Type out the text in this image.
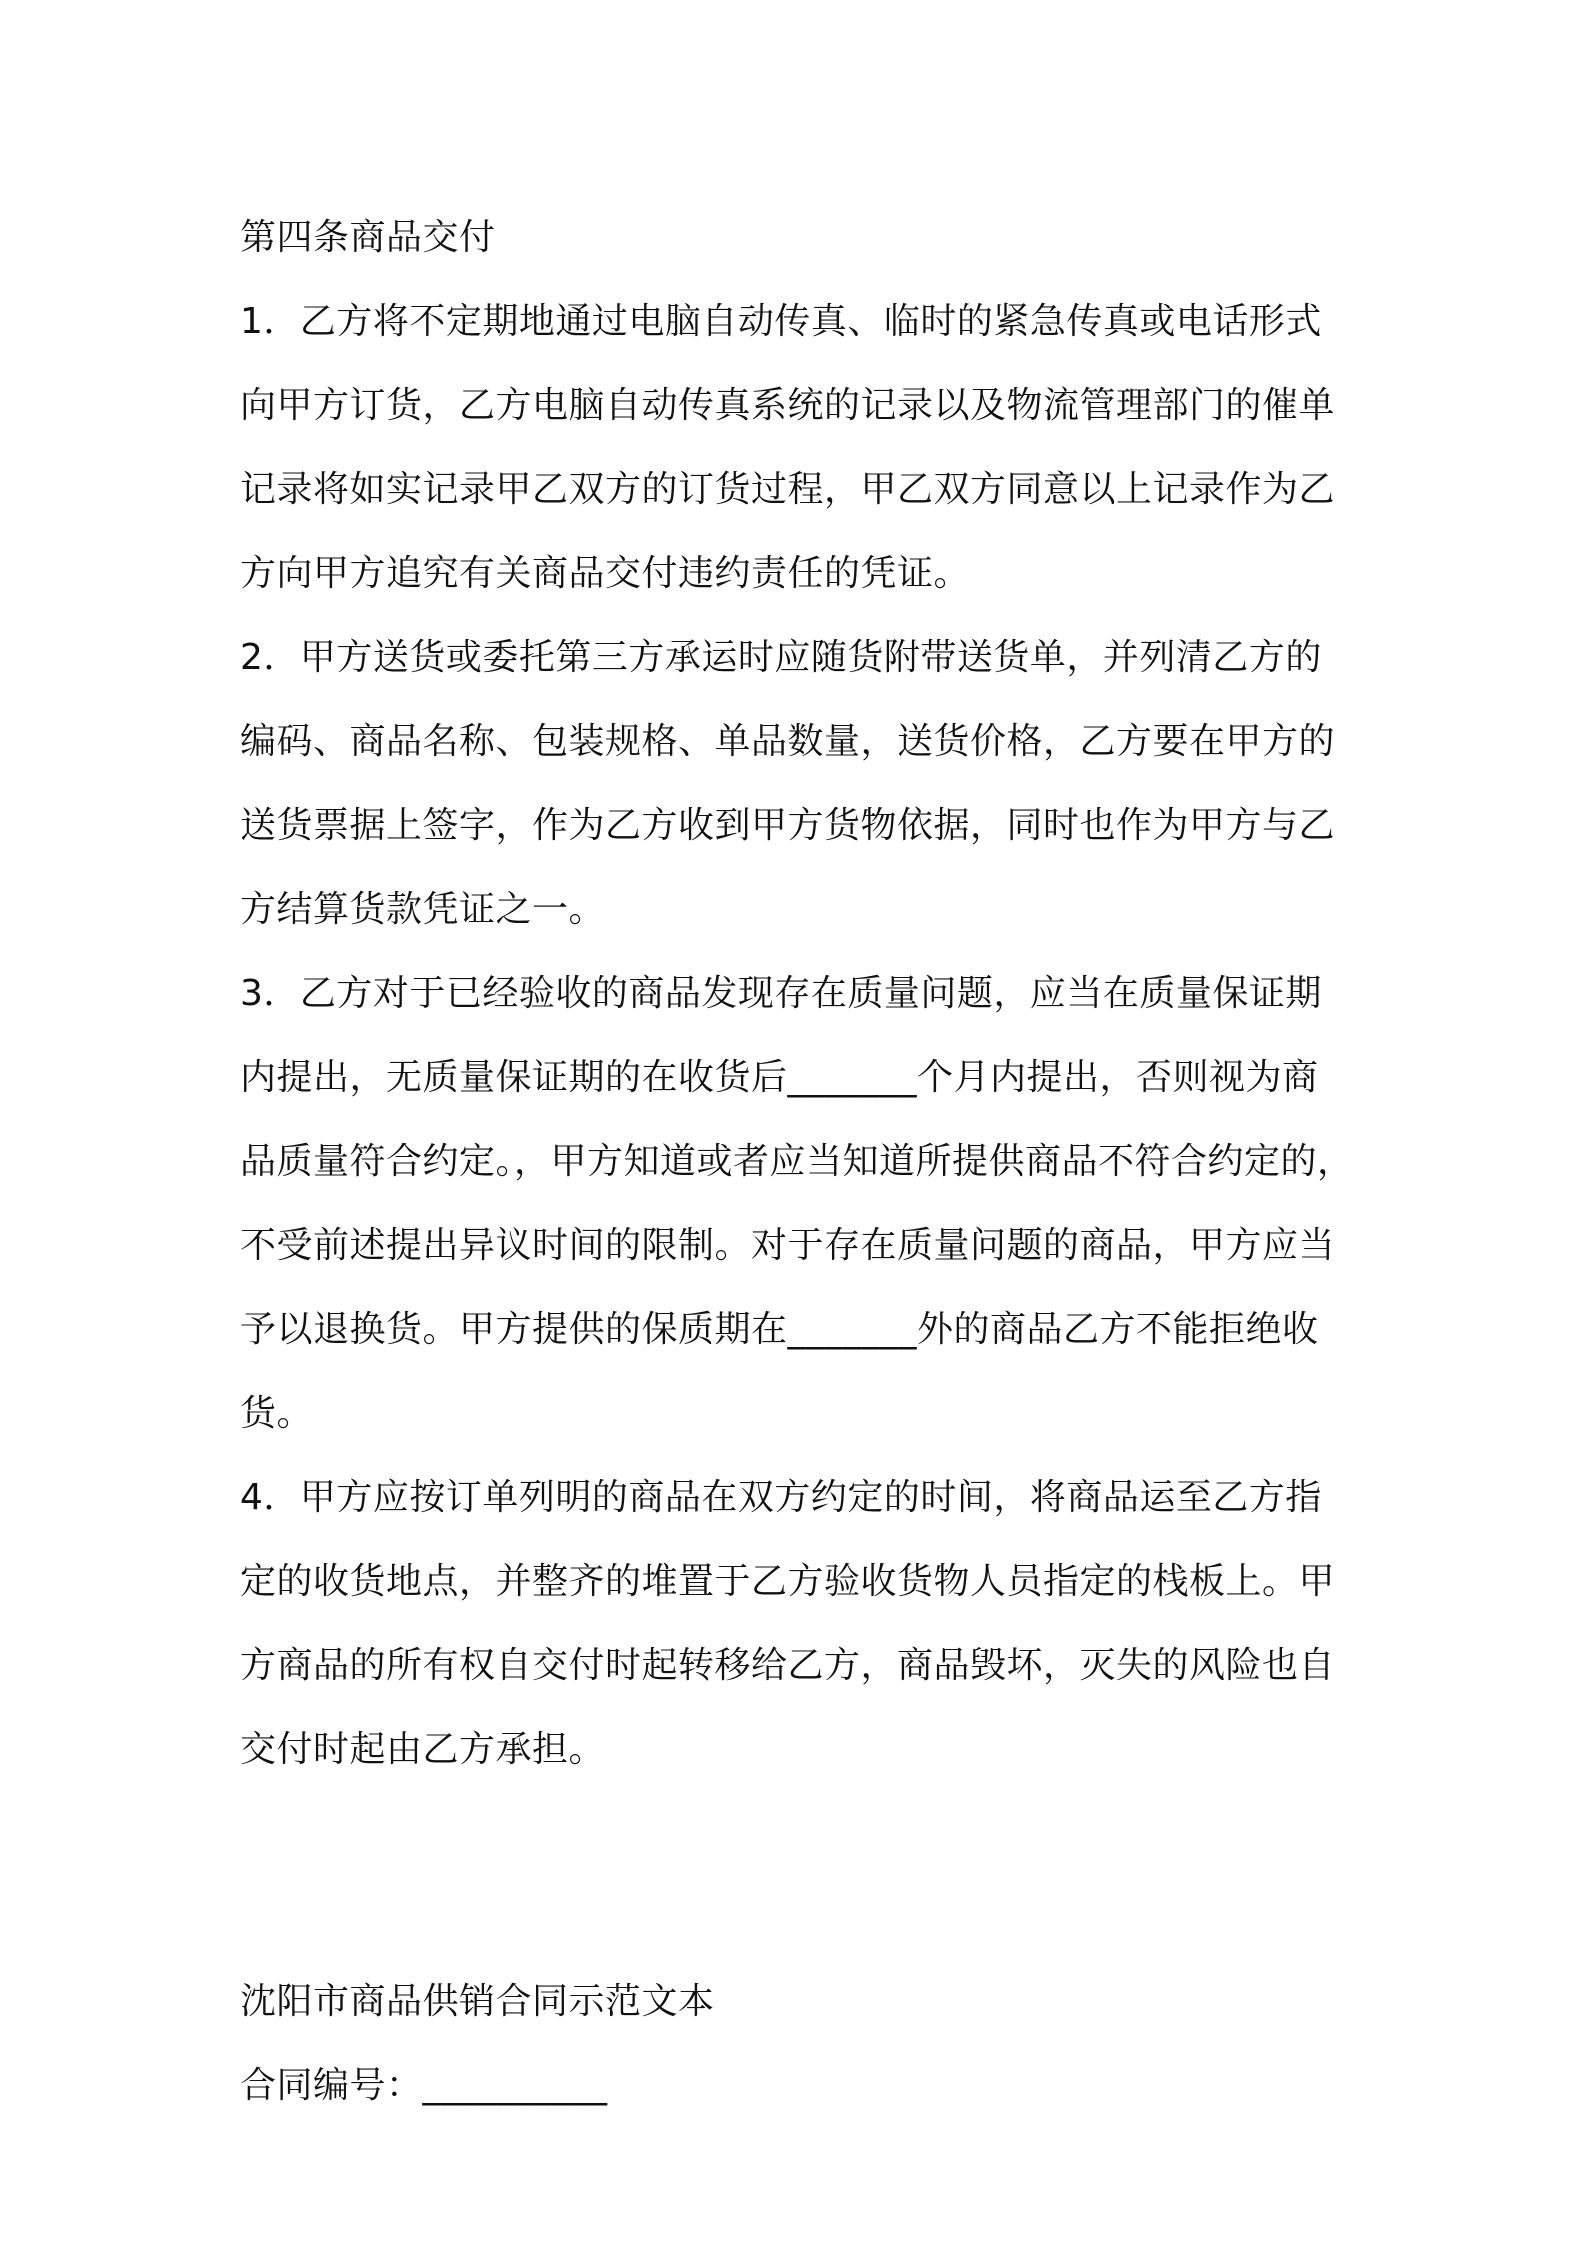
第四条商品交付
1．乙方将不定期地通过电脑自动传真、临时的紧急传真或电话形式
向甲方订货，乙方电脑自动传真系统的记录以及物流管理部门的催单
记录将如实记录甲乙双方的订货过程，甲乙双方同意以上记录作为乙
方向甲方追究有关商品交付违约责任的凭证。
2．甲方送货或委托第三方承运时应随货附带送货单，并列清乙方的
编码、商品名称、包装规格、单品数量，送货价格，乙方要在甲方的
送货票据上签字，作为乙方收到甲方货物依据，同时也作为甲方与乙
方结算货款凭证之一。
3．乙方对于已经验收的商品发现存在质量问题，应当在质量保证期
内提出，无质量保证期的在收货后_______个月内提出，否则视为商
品质量符合约定。，甲方知道或者应当知道所提供商品不符合约定的，
不受前述提出异议时间的限制。对于存在质量问题的商品，甲方应当
予以退换货。甲方提供的保质期在_______外的商品乙方不能拒绝收
货。
4．甲方应按订单列明的商品在双方约定的时间，将商品运至乙方指
定的收货地点，并整齐的堆置于乙方验收货物人员指定的栈板上。甲
方商品的所有权自交付时起转移给乙方，商品毁坏，灭失的风险也自
交付时起由乙方承担。
沈阳市商品供销合同示范文本
合同编号：__________
